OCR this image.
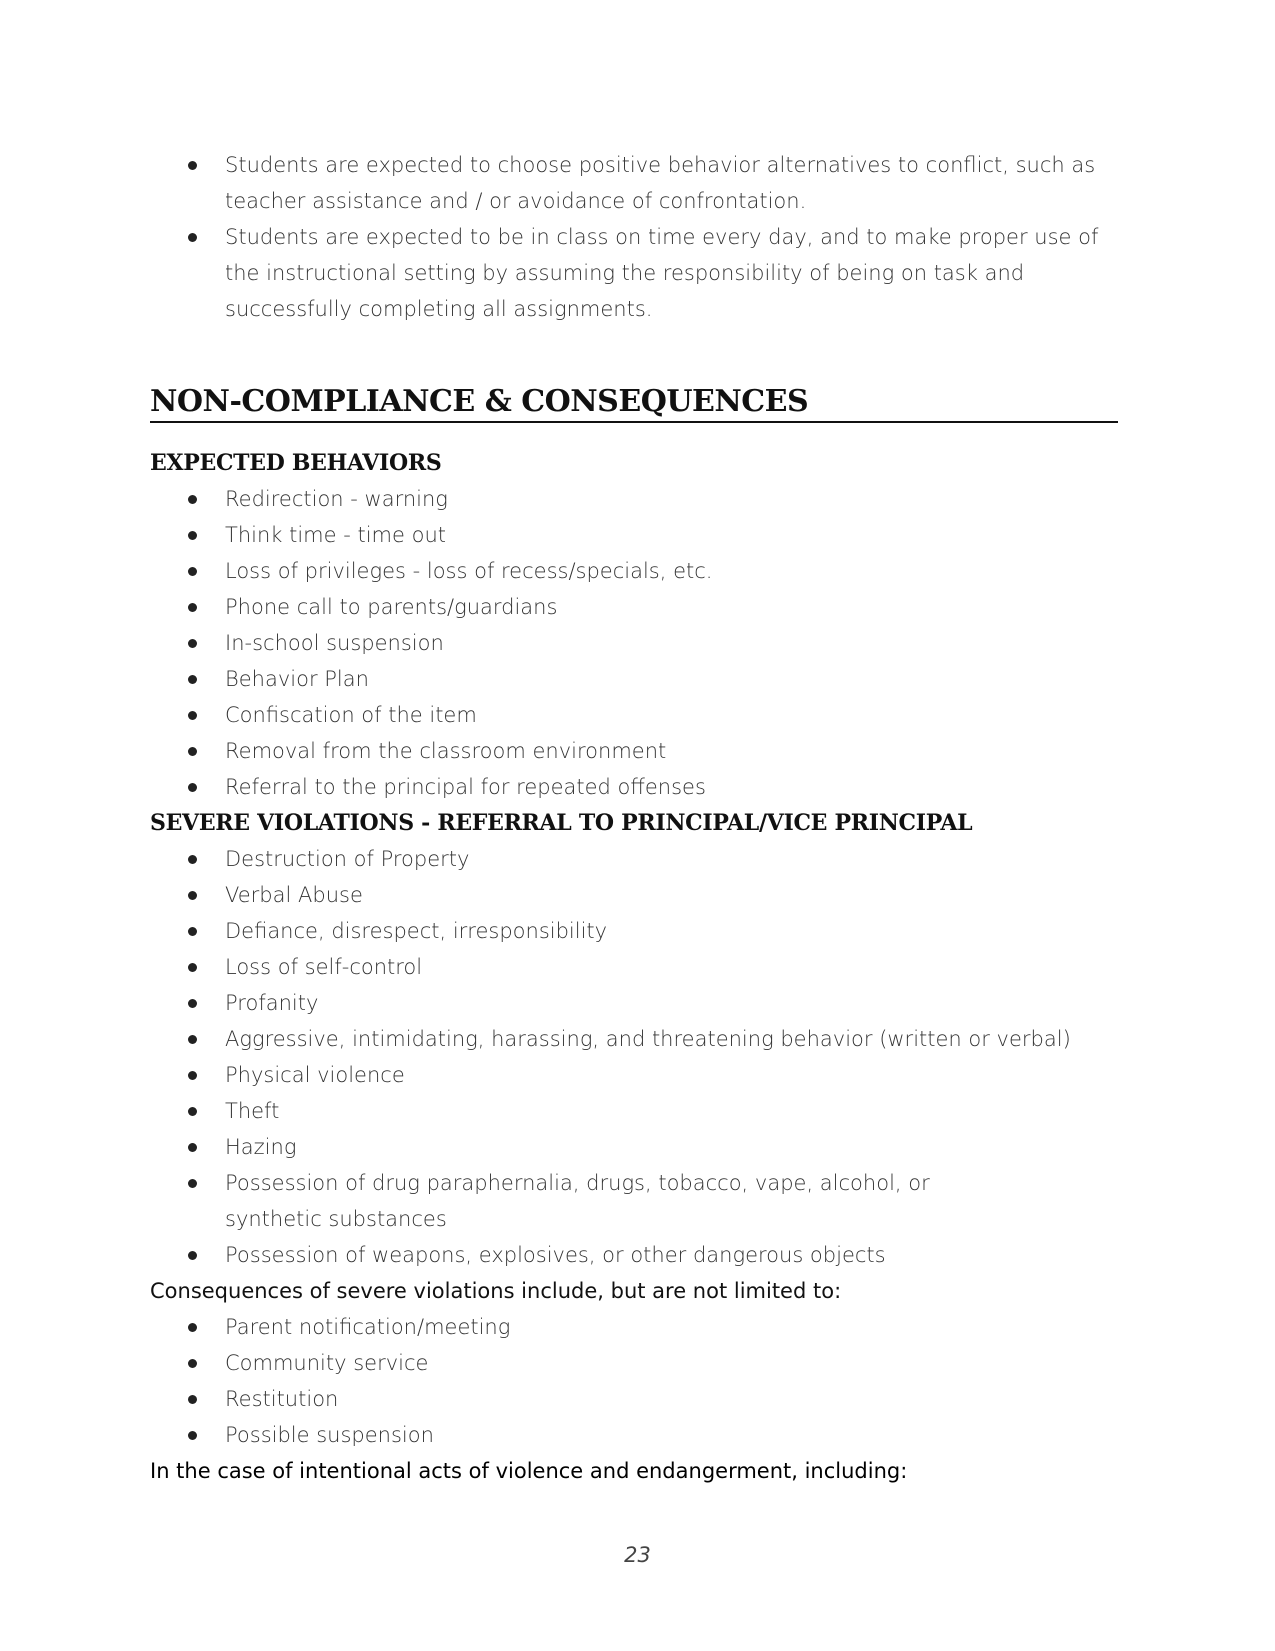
Students are expected to choose positive behavior alternatives to conflict, such as teacher assistance and / or avoidance of confrontation.
Students are expected to be in class on time every day, and to make proper use of the instructional setting by assuming the responsibility of being on task and successfully completing all assignments.
NON-COMPLIANCE & CONSEQUENCES
EXPECTED BEHAVIORS
Redirection - warning
Think time - time out
Loss of privileges - loss of recess/specials, etc.
Phone call to parents/guardians
In-school suspension
Behavior Plan
Confiscation of the item
Removal from the classroom environment
Referral to the principal for repeated offenses
SEVERE VIOLATIONS - REFERRAL TO PRINCIPAL/VICE PRINCIPAL
Destruction of Property
Verbal Abuse
Defiance, disrespect, irresponsibility
Loss of self-control
Profanity
Aggressive, intimidating, harassing, and threatening behavior (written or verbal)
Physical violence
Theft
Hazing
Possession of drug paraphernalia, drugs, tobacco, vape, alcohol, or synthetic substances
Possession of weapons, explosives, or other dangerous objects

Consequences of severe violations include, but are not limited to:

Parent notification/meeting
Community service
Restitution
Possible suspension

In the case of intentional acts of violence and endangerment, including:

23
